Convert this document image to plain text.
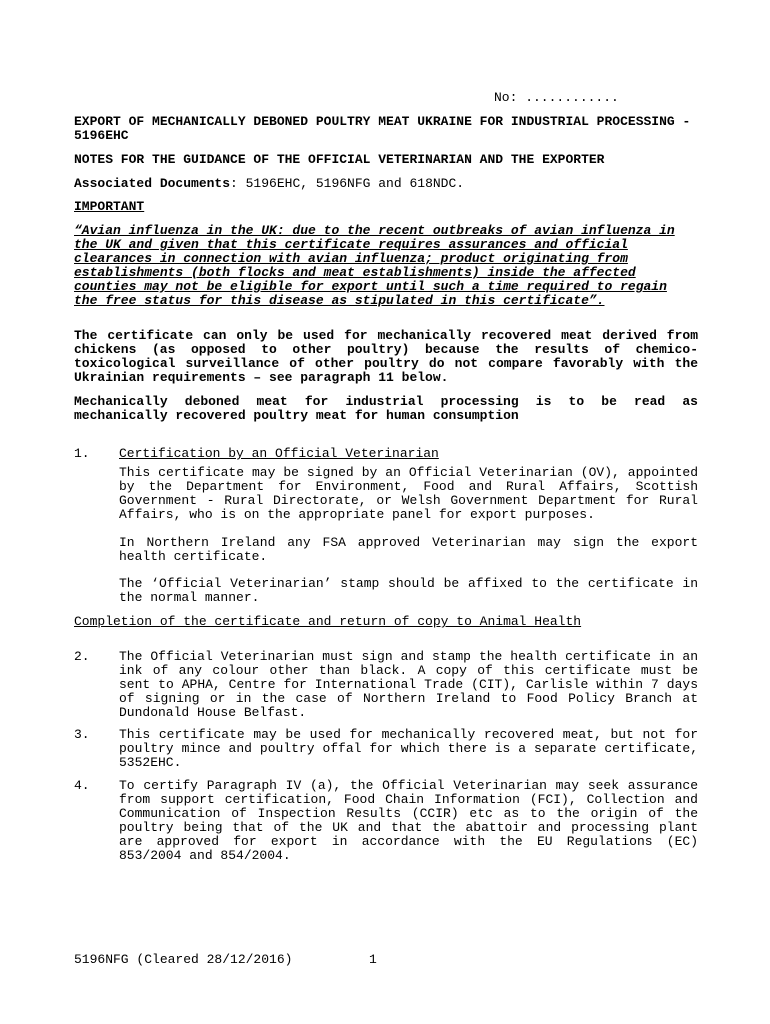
No: ............
EXPORT OF MECHANICALLY DEBONED POULTRY MEAT UKRAINE FOR INDUSTRIAL PROCESSING - 5196EHC
NOTES FOR THE GUIDANCE OF THE OFFICIAL VETERINARIAN AND THE EXPORTER
Associated Documents: 5196EHC, 5196NFG and 618NDC.
IMPORTANT
“Avian influenza in the UK: due to the recent outbreaks of avian influenza in the UK and given that this certificate requires assurances and official clearances in connection with avian influenza; product originating from establishments (both flocks and meat establishments) inside the affected counties may not be eligible for export until such a time required to regain the free status for this disease as stipulated in this certificate”.
The certificate can only be used for mechanically recovered meat derived from chickens (as opposed to other poultry) because the results of chemico-toxicological surveillance of other poultry do not compare favorably with the Ukrainian requirements – see paragraph 11 below.
Mechanically deboned meat for industrial processing is to be read as mechanically recovered poultry meat for human consumption
1. Certification by an Official Veterinarian
This certificate may be signed by an Official Veterinarian (OV), appointed by the Department for Environment, Food and Rural Affairs, Scottish Government - Rural Directorate, or Welsh Government Department for Rural Affairs, who is on the appropriate panel for export purposes.
In Northern Ireland any FSA approved Veterinarian may sign the export health certificate.
The ‘Official Veterinarian’ stamp should be affixed to the certificate in the normal manner.
Completion of the certificate and return of copy to Animal Health
2. The Official Veterinarian must sign and stamp the health certificate in an ink of any colour other than black. A copy of this certificate must be sent to APHA, Centre for International Trade (CIT), Carlisle within 7 days of signing or in the case of Northern Ireland to Food Policy Branch at Dundonald House Belfast.
3. This certificate may be used for mechanically recovered meat, but not for poultry mince and poultry offal for which there is a separate certificate, 5352EHC.
4. To certify Paragraph IV (a), the Official Veterinarian may seek assurance from support certification, Food Chain Information (FCI), Collection and Communication of Inspection Results (CCIR) etc as to the origin of the poultry being that of the UK and that the abattoir and processing plant are approved for export in accordance with the EU Regulations (EC) 853/2004 and 854/2004.
5196NFG (Cleared 28/12/2016)	1
